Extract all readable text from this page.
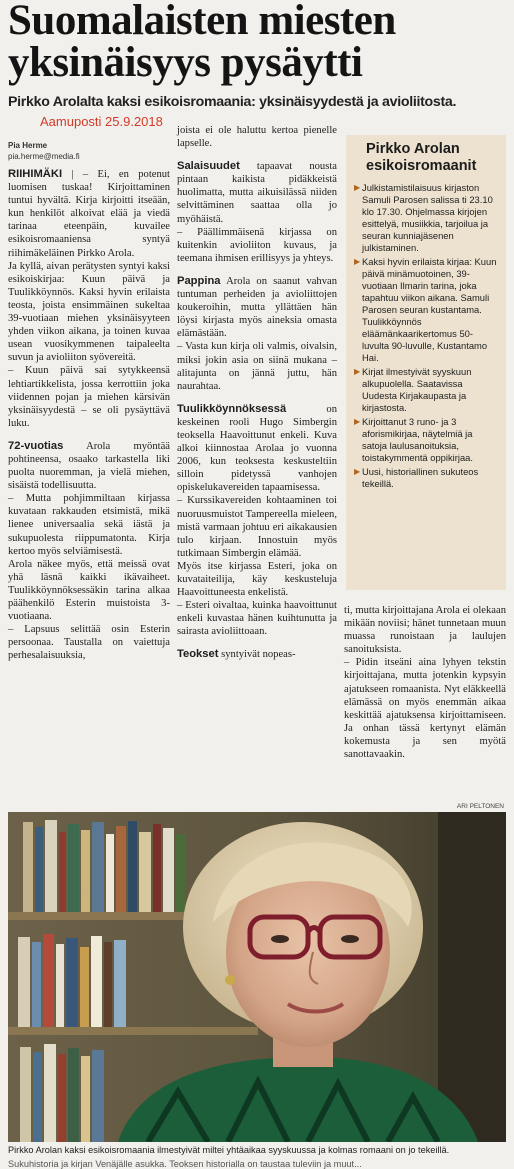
Suomalaisten miesten
yksinäisyys pysäytti
Pirkko Arolalta kaksi esikoisromaania: yksinäisyydestä ja avioliitosta.
Aamuposti 25.9.2018
Pia Herme
pia.herme@media.fi

RIIHIMÄKI | – Ei, en potenut luomisen tuskaa! Kirjoittaminen tuntui hyvältä. Kirja kirjoitti itseään, kun henkilöt alkoivat elää ja viedä tarinaa eteenpäin, kuvailee esikoisromaaniensa syntyä riihimäkeläinen Pirkko Arola.

Ja kyllä, aivan perätysten syntyi kaksi esikoiskirjaa: Kuun päivä ja Tuulikköynnös. Kaksi hyvin erilaista teosta, joista ensimmäinen sukeltaa 39-vuotiaan miehen yksinäisyyteen yhden viikon aikana, ja toinen kuvaa usean vuosikymmenen taipaleelta suvun ja avioliiton syövereitä.

– Kuun päivä sai sytykkeensä lehtiartikkelista, jossa kerrottiin joka viidennen pojan ja miehen kärsivän yksinäisyydestä – se oli pysäyttävä luku.

72-vuotias Arola myöntää pohtineensa, osaako tarkastella liki puolta nuoremman, ja vielä miehen, sisäistä todellisuutta.

– Mutta pohjimmiltaan kirjassa kuvataan rakkauden etsimistä, mikä lienee universaalia sekä iästä ja sukupuolesta riippumatonta. Kirja kertoo myös selviämisestä.

Arola näkee myös, että meissä ovat yhä läsnä kaikki ikävaiheet. Tuulikköynnöksessäkin tarina alkaa päähenkilö Esterin muistoista 3-vuotiaana.

– Lapsuus selittää osin Esterin persoonaa. Taustalla on vaiettuja perhesalaisuuksia,

joista ei ole haluttu kertoa pienelle lapselle.

Salaisuudet tapaavat nousta pintaan kaikista pidäkkeistä huolimatta, mutta aikuisilässä niiden selvittäminen saattaa olla jo myöhäistä.

– Päällimmäisenä kirjassa on kuitenkin avioliiton kuvaus, ja teemana ihmisen erillisyys ja yhteys.

Pappina Arola on saanut vahvan tuntuman perheiden ja avioliittojen koukeroihin, mutta yllättäen hän löysi kirjasta myös aineksia omasta elämästään.

– Vasta kun kirja oli valmis, oivalsin, miksi jokin asia on siinä mukana – alitajunta on jännä juttu, hän naurahtaa.

Tuulikköynnöksessä on keskeinen rooli Hugo Simbergin teoksella Haavoittunut enkeli. Kuva alkoi kiinnostaa Arolaa jo vuonna 2006, kun teoksesta keskusteltiin silloin pidetyssä vanhojen opiskelukavereiden tapaamisessa.

– Kurssikavereiden kohtaaminen toi nuoruusmuistot Tampereella mieleen, mistä varmaan johtuu eri aikakausien tulo kirjaan. Innostuin myös tutkimaan Simbergin elämää.

Myös itse kirjassa Esteri, joka on kuvataiteilija, käy keskusteluja Haavoittuneesta enkelistä.

– Esteri oivaltaa, kuinka haavoittunut enkeli kuvastaa hänen kuihtunutta ja sairasta avioliittoaan.

Teokset syntyivät nopeas-

Pirkko Arolan esikoisromaanit
▶ Julkistamistilaisuus kirjaston Samuli Parosen salissa ti 23.10 klo 17.30. Ohjelmassa kirjojen esittelyä, musiikkia, tarjoilua ja seuran kunniajäsenen julkistaminen.
▶ Kaksi hyvin erilaista kirjaa: Kuun päivä minämuotoinen, 39-vuotiaan Ilmarin tarina, joka tapahtuu viikon aikana. Samuli Parosen seuran kustantama. Tuulikköynnös eläämänkaarikertomus 50-luvulta 90-luvulle, Kustantamo Hai.
▶ Kirjat ilmestyivät syyskuun alkupuolella. Saatavissa Uudesta Kirjakaupasta ja kirjastosta.
▶ Kirjoittanut 3 runo- ja 3 aforismikirjaa, näytelmiä ja satoja laulusanoituksia, toistakymmentä oppikirjaa.
▶ Uusi, historiallinen sukuteos tekeillä.

ti, mutta kirjoittajana Arola ei olekaan mikään noviisi; hänet tunnetaan muun muassa runoistaan ja laulujen sanoituksista.

– Pidin itseäni aina lyhyen tekstin kirjoittajana, mutta jotenkin kypsyin ajatukseen romaanista. Nyt eläkkeellä elämässä on myös enemmän aikaa keskittää ajatuksensa kirjoittamiseen. Ja onhan tässä kertynyt elämän kokemusta ja sen myötä sanottavaakin.

ARI PELTONEN
Pirkko Arolan kaksi esikoisromaania ilmestyivät miltei yhtäaikaa syyskuussa ja kolmas romaani on jo tekeillä.
Sukuhistoria ja kirjan Venäjälle asukka. Teoksen historialla on taustaa tuleviin ja muut...
